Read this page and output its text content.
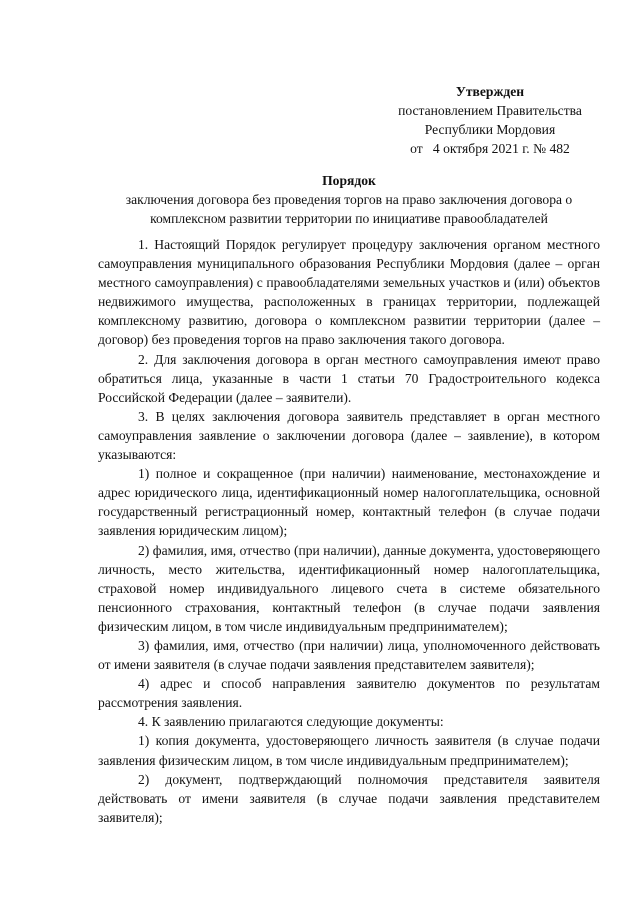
Утвержден
постановлением Правительства
Республики Мордовия
от   4 октября 2021 г. № 482
Порядок
заключения договора без проведения торгов на право заключения договора о комплексном развитии территории по инициативе правообладателей

1. Настоящий Порядок регулирует процедуру заключения органом местного самоуправления муниципального образования Республики Мордовия (далее – орган местного самоуправления) с правообладателями земельных участков и (или) объектов недвижимого имущества, расположенных в границах территории, подлежащей комплексному развитию, договора о комплексном развитии территории (далее – договор) без проведения торгов на право заключения такого договора.

2. Для заключения договора в орган местного самоуправления имеют право обратиться лица, указанные в части 1 статьи 70 Градостроительного кодекса Российской Федерации (далее – заявители).

3. В целях заключения договора заявитель представляет в орган местного самоуправления заявление о заключении договора (далее – заявление), в котором указываются:

1) полное и сокращенное (при наличии) наименование, местонахождение и адрес юридического лица, идентификационный номер налогоплательщика, основной государственный регистрационный номер, контактный телефон (в случае подачи заявления юридическим лицом);

2) фамилия, имя, отчество (при наличии), данные документа, удостоверяющего личность, место жительства, идентификационный номер налогоплательщика, страховой номер индивидуального лицевого счета в системе обязательного пенсионного страхования, контактный телефон (в случае подачи заявления физическим лицом, в том числе индивидуальным предпринимателем);

3) фамилия, имя, отчество (при наличии) лица, уполномоченного действовать от имени заявителя (в случае подачи заявления представителем заявителя);

4) адрес и способ направления заявителю документов по результатам рассмотрения заявления.

4. К заявлению прилагаются следующие документы:

1) копия документа, удостоверяющего личность заявителя (в случае подачи заявления физическим лицом, в том числе индивидуальным предпринимателем);

2) документ, подтверждающий полномочия представителя заявителя действовать от имени заявителя (в случае подачи заявления представителем заявителя);
